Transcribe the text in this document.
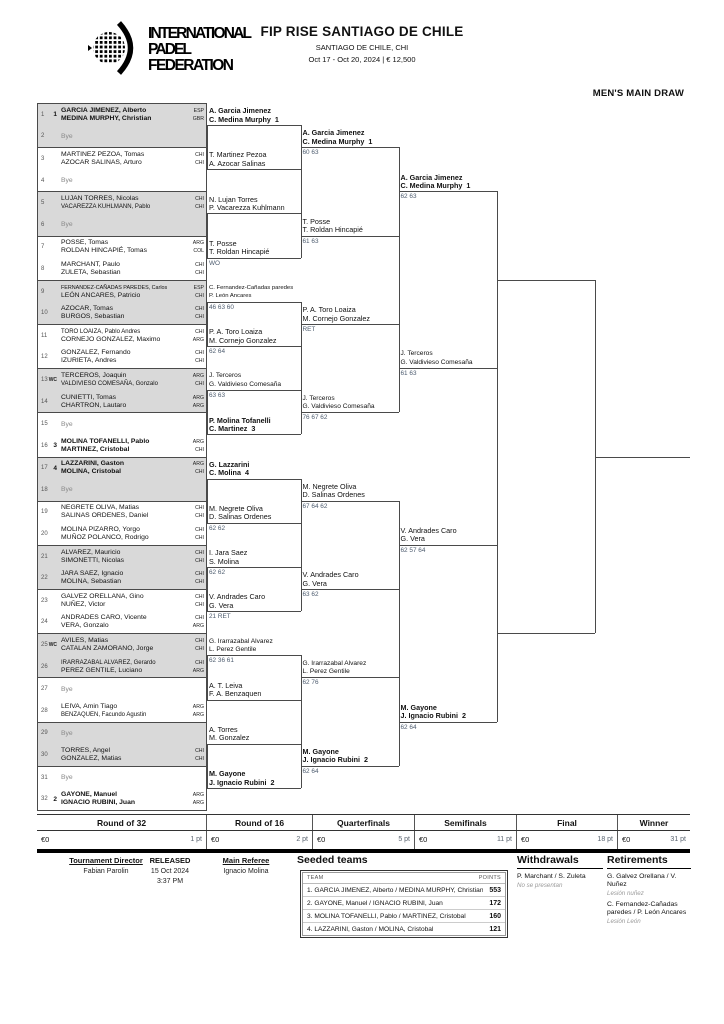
INTERNATIONAL
PADEL
FEDERATION
FIP RISE SANTIAGO DE CHILE
SANTIAGO DE CHILE, CHI
Oct 17 - Oct 20, 2024 | € 12,500
MEN'S MAIN DRAW
1 1
GARCIA JIMENEZ, Alberto
MEDINA MURPHY, Christian
ESP
GBR
2 Bye
3
MARTINEZ PEZOA, Tomas
AZOCAR SALINAS, Arturo
CHI
CHI
4 Bye
5
LUJAN TORRES, Nicolas
VACAREZZA KUHLMANN, Pablo
CHI
CHI
6 Bye
7
POSSE, Tomas
ROLDAN HINCAPIÉ, Tomas
ARG
COL
8
MARCHANT, Paulo
ZULETA, Sebastian
CHI
CHI
9
FERNANDEZ-CAÑADAS PAREDES, Carlos
LEÓN ANCARES, Patricio
ESP
CHI
10
AZOCAR, Tomas
BURGOS, Sebastian
CHI
CHI
11
TORO LOAIZA, Pablo Andres
CORNEJO GONZALEZ, Maximo
CHI
ARG
12
GONZALEZ, Fernando
IZURIETA, Andres
CHI
CHI
13 WC
TERCEROS, Joaquin
VALDIVIESO COMESAÑA, Gonzalo
ARG
CHI
14
CUNIETTI, Tomas
CHARTRON, Lautaro
ARG
ARG
15 Bye
16 3
MOLINA TOFANELLI, Pablo
MARTINEZ, Cristobal
ARG
CHI
17 4
LAZZARINI, Gaston
MOLINA, Cristobal
ARG
CHI
18 Bye
19
NEGRETE OLIVA, Matias
SALINAS ORDENES, Daniel
CHI
CHI
20
MOLINA PIZARRO, Yorgo
MUÑOZ POLANCO, Rodrigo
CHI
CHI
21
ALVAREZ, Mauricio
SIMONETTI, Nicolas
CHI
CHI
22
JARA SAEZ, Ignacio
MOLINA, Sebastian
CHI
CHI
23
GALVEZ ORELLANA, Gino
NUÑEZ, Victor
CHI
CHI
24
ANDRADES CARO, Vicente
VERA, Gonzalo
CHI
ARG
25 WC
AVILES, Matias
CATALAN ZAMORANO, Jorge
CHI
CHI
26
IRARRAZABAL ALVAREZ, Gerardo
PEREZ GENTILE, Luciano
CHI
ARG
27 Bye
28
LEIVA, Amin Tiago
BENZAQUEN, Facundo Agustin
ARG
ARG
29 Bye
30
TORRES, Angel
GONZALEZ, Matias
CHI
CHI
31 Bye
32 2
GAYONE, Manuel
IGNACIO RUBINI, Juan
ARG
ARG
A. Garcia Jimenez
C. Medina Murphy 1
T. Martinez Pezoa
A. Azocar Salinas
N. Lujan Torres
P. Vacarezza Kuhlmann
T. Posse
T. Roldan Hincapié
WO
C. Fernandez-Cañadas paredes
P. León Ancares
46 63 60
P. A. Toro Loaiza
M. Cornejo Gonzalez
62 64
J. Terceros
G. Valdivieso Comesaña
63 63
P. Molina Tofanelli
C. Martinez 3
G. Lazzarini
C. Molina 4
M. Negrete Oliva
D. Salinas Ordenes
62 62
I. Jara Saez
S. Molina
62 62
V. Andrades Caro
G. Vera
21 RET
G. Irarrazabal Alvarez
L. Perez Gentile
62 36 61
A. T. Leiva
F. A. Benzaquen
A. Torres
M. Gonzalez
M. Gayone
J. Ignacio Rubini 2
A. Garcia Jimenez
C. Medina Murphy 1
60 63
T. Posse
T. Roldan Hincapié
61 63
P. A. Toro Loaiza
M. Cornejo Gonzalez
RET
J. Terceros
G. Valdivieso Comesaña
76 67 62
M. Negrete Oliva
D. Salinas Ordenes
67 64 62
V. Andrades Caro
G. Vera
63 62
G. Irarrazabal Alvarez
L. Perez Gentile
62 76
M. Gayone
J. Ignacio Rubini 2
62 64
A. Garcia Jimenez
C. Medina Murphy 1
62 63
J. Terceros
G. Valdivieso Comesaña
61 63
V. Andrades Caro
G. Vera
62 57 64
M. Gayone
J. Ignacio Rubini 2
62 64
Round of 32	Round of 16	Quarterfinals	Semifinals	Final	Winner
€0	1 pt €0	2 pt €0	5 pt €0	11 pt €0	18 pt €0	31 pt
Tournament Director
Fabian Parolin
RELEASED
15 Oct 2024
3:37 PM
Main Referee
Ignacio Molina
Seeded teams
TEAM	POINTS
1. GARCIA JIMENEZ, Alberto / MEDINA MURPHY, Christian 553
2. GAYONE, Manuel / IGNACIO RUBINI, Juan	172
3. MOLINA TOFANELLI, Pablo / MARTINEZ, Cristobal	160
4. LAZZARINI, Gaston / MOLINA, Cristobal	121
Withdrawals
P. Marchant / S. Zuleta
No se presentan
Retirements
G. Galvez Orellana / V. Nuñez
Lesión nuñez
C. Fernandez-Cañadas paredes / P. León Ancares
Lesión León
